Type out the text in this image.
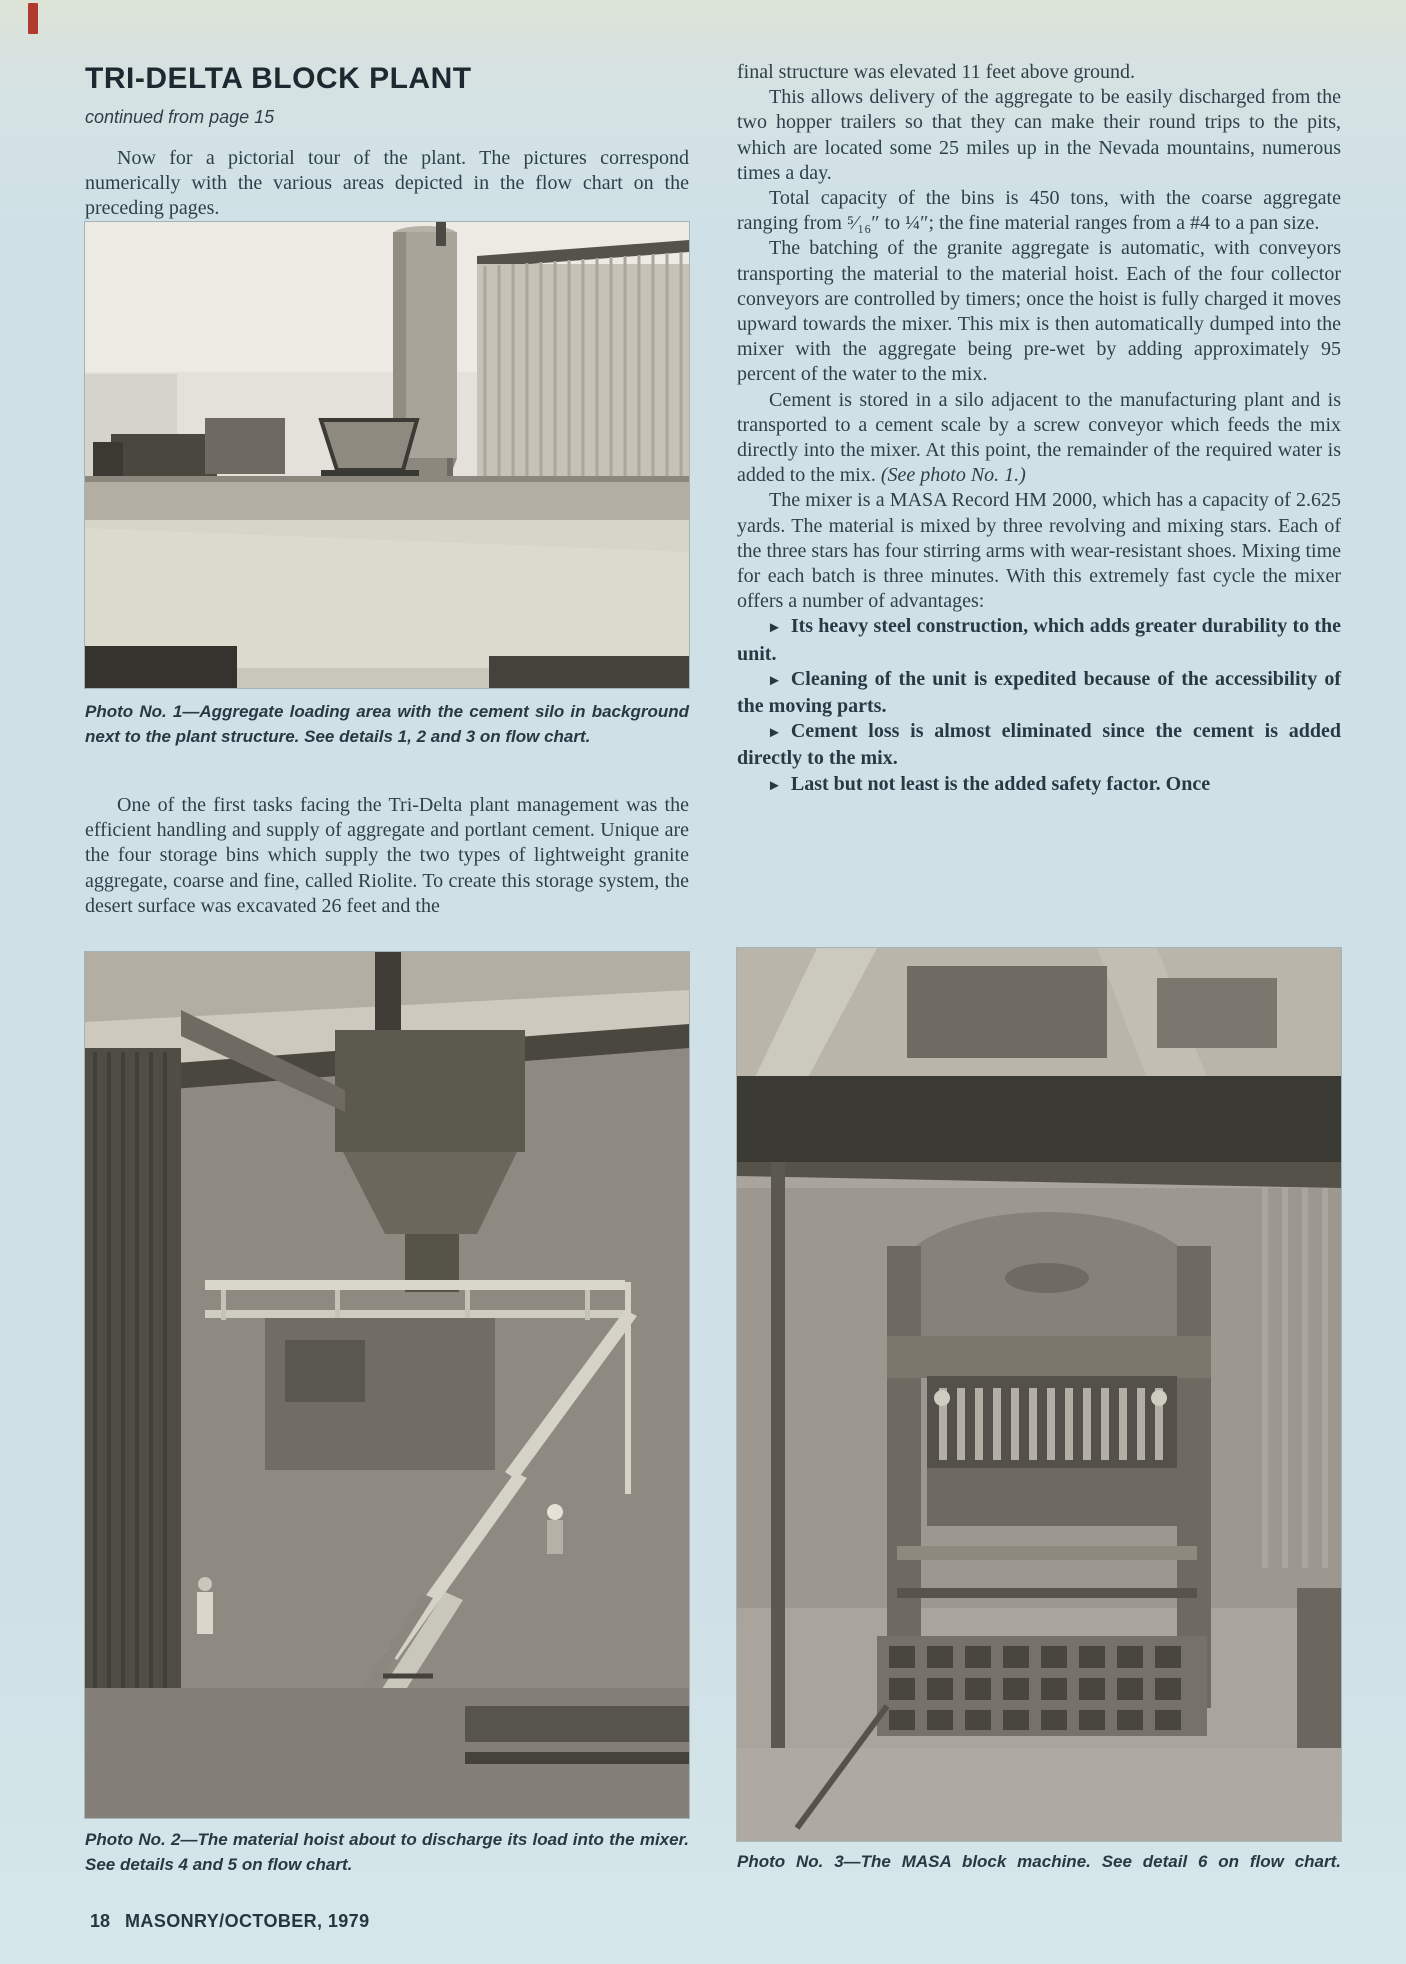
TRI-DELTA BLOCK PLANT
continued from page 15

Now for a pictorial tour of the plant. The pictures correspond numerically with the various areas depicted in the flow chart on the preceding pages.

Photo No. 1—Aggregate loading area with the cement silo in background next to the plant structure. See details 1, 2 and 3 on flow chart.

One of the first tasks facing the Tri-Delta plant management was the efficient handling and supply of aggregate and portlant cement. Unique are the four storage bins which supply the two types of lightweight granite aggregate, coarse and fine, called Riolite. To create this storage system, the desert surface was excavated 26 feet and the

Photo No. 2—The material hoist about to discharge its load into the mixer. See details 4 and 5 on flow chart.

final structure was elevated 11 feet above ground.

This allows delivery of the aggregate to be easily discharged from the two hopper trailers so that they can make their round trips to the pits, which are located some 25 miles up in the Nevada mountains, numerous times a day.

Total capacity of the bins is 450 tons, with the coarse aggregate ranging from ⁵⁄₁₆″ to ¼″; the fine material ranges from a #4 to a pan size.

The batching of the granite aggregate is automatic, with conveyors transporting the material to the material hoist. Each of the four collector conveyors are controlled by timers; once the hoist is fully charged it moves upward towards the mixer. This mix is then automatically dumped into the mixer with the aggregate being pre-wet by adding approximately 95 percent of the water to the mix.

Cement is stored in a silo adjacent to the manufacturing plant and is transported to a cement scale by a screw conveyor which feeds the mix directly into the mixer. At this point, the remainder of the required water is added to the mix. (See photo No. 1.)

The mixer is a MASA Record HM 2000, which has a capacity of 2.625 yards. The material is mixed by three revolving and mixing stars. Each of the three stars has four stirring arms with wear-resistant shoes. Mixing time for each batch is three minutes. With this extremely fast cycle the mixer offers a number of advantages:

► Its heavy steel construction, which adds greater durability to the unit.

► Cleaning of the unit is expedited because of the accessibility of the moving parts.

► Cement loss is almost eliminated since the cement is added directly to the mix.

► Last but not least is the added safety factor. Once

Photo No. 3—The MASA block machine. See detail 6 on flow chart.

18 MASONRY/OCTOBER, 1979
